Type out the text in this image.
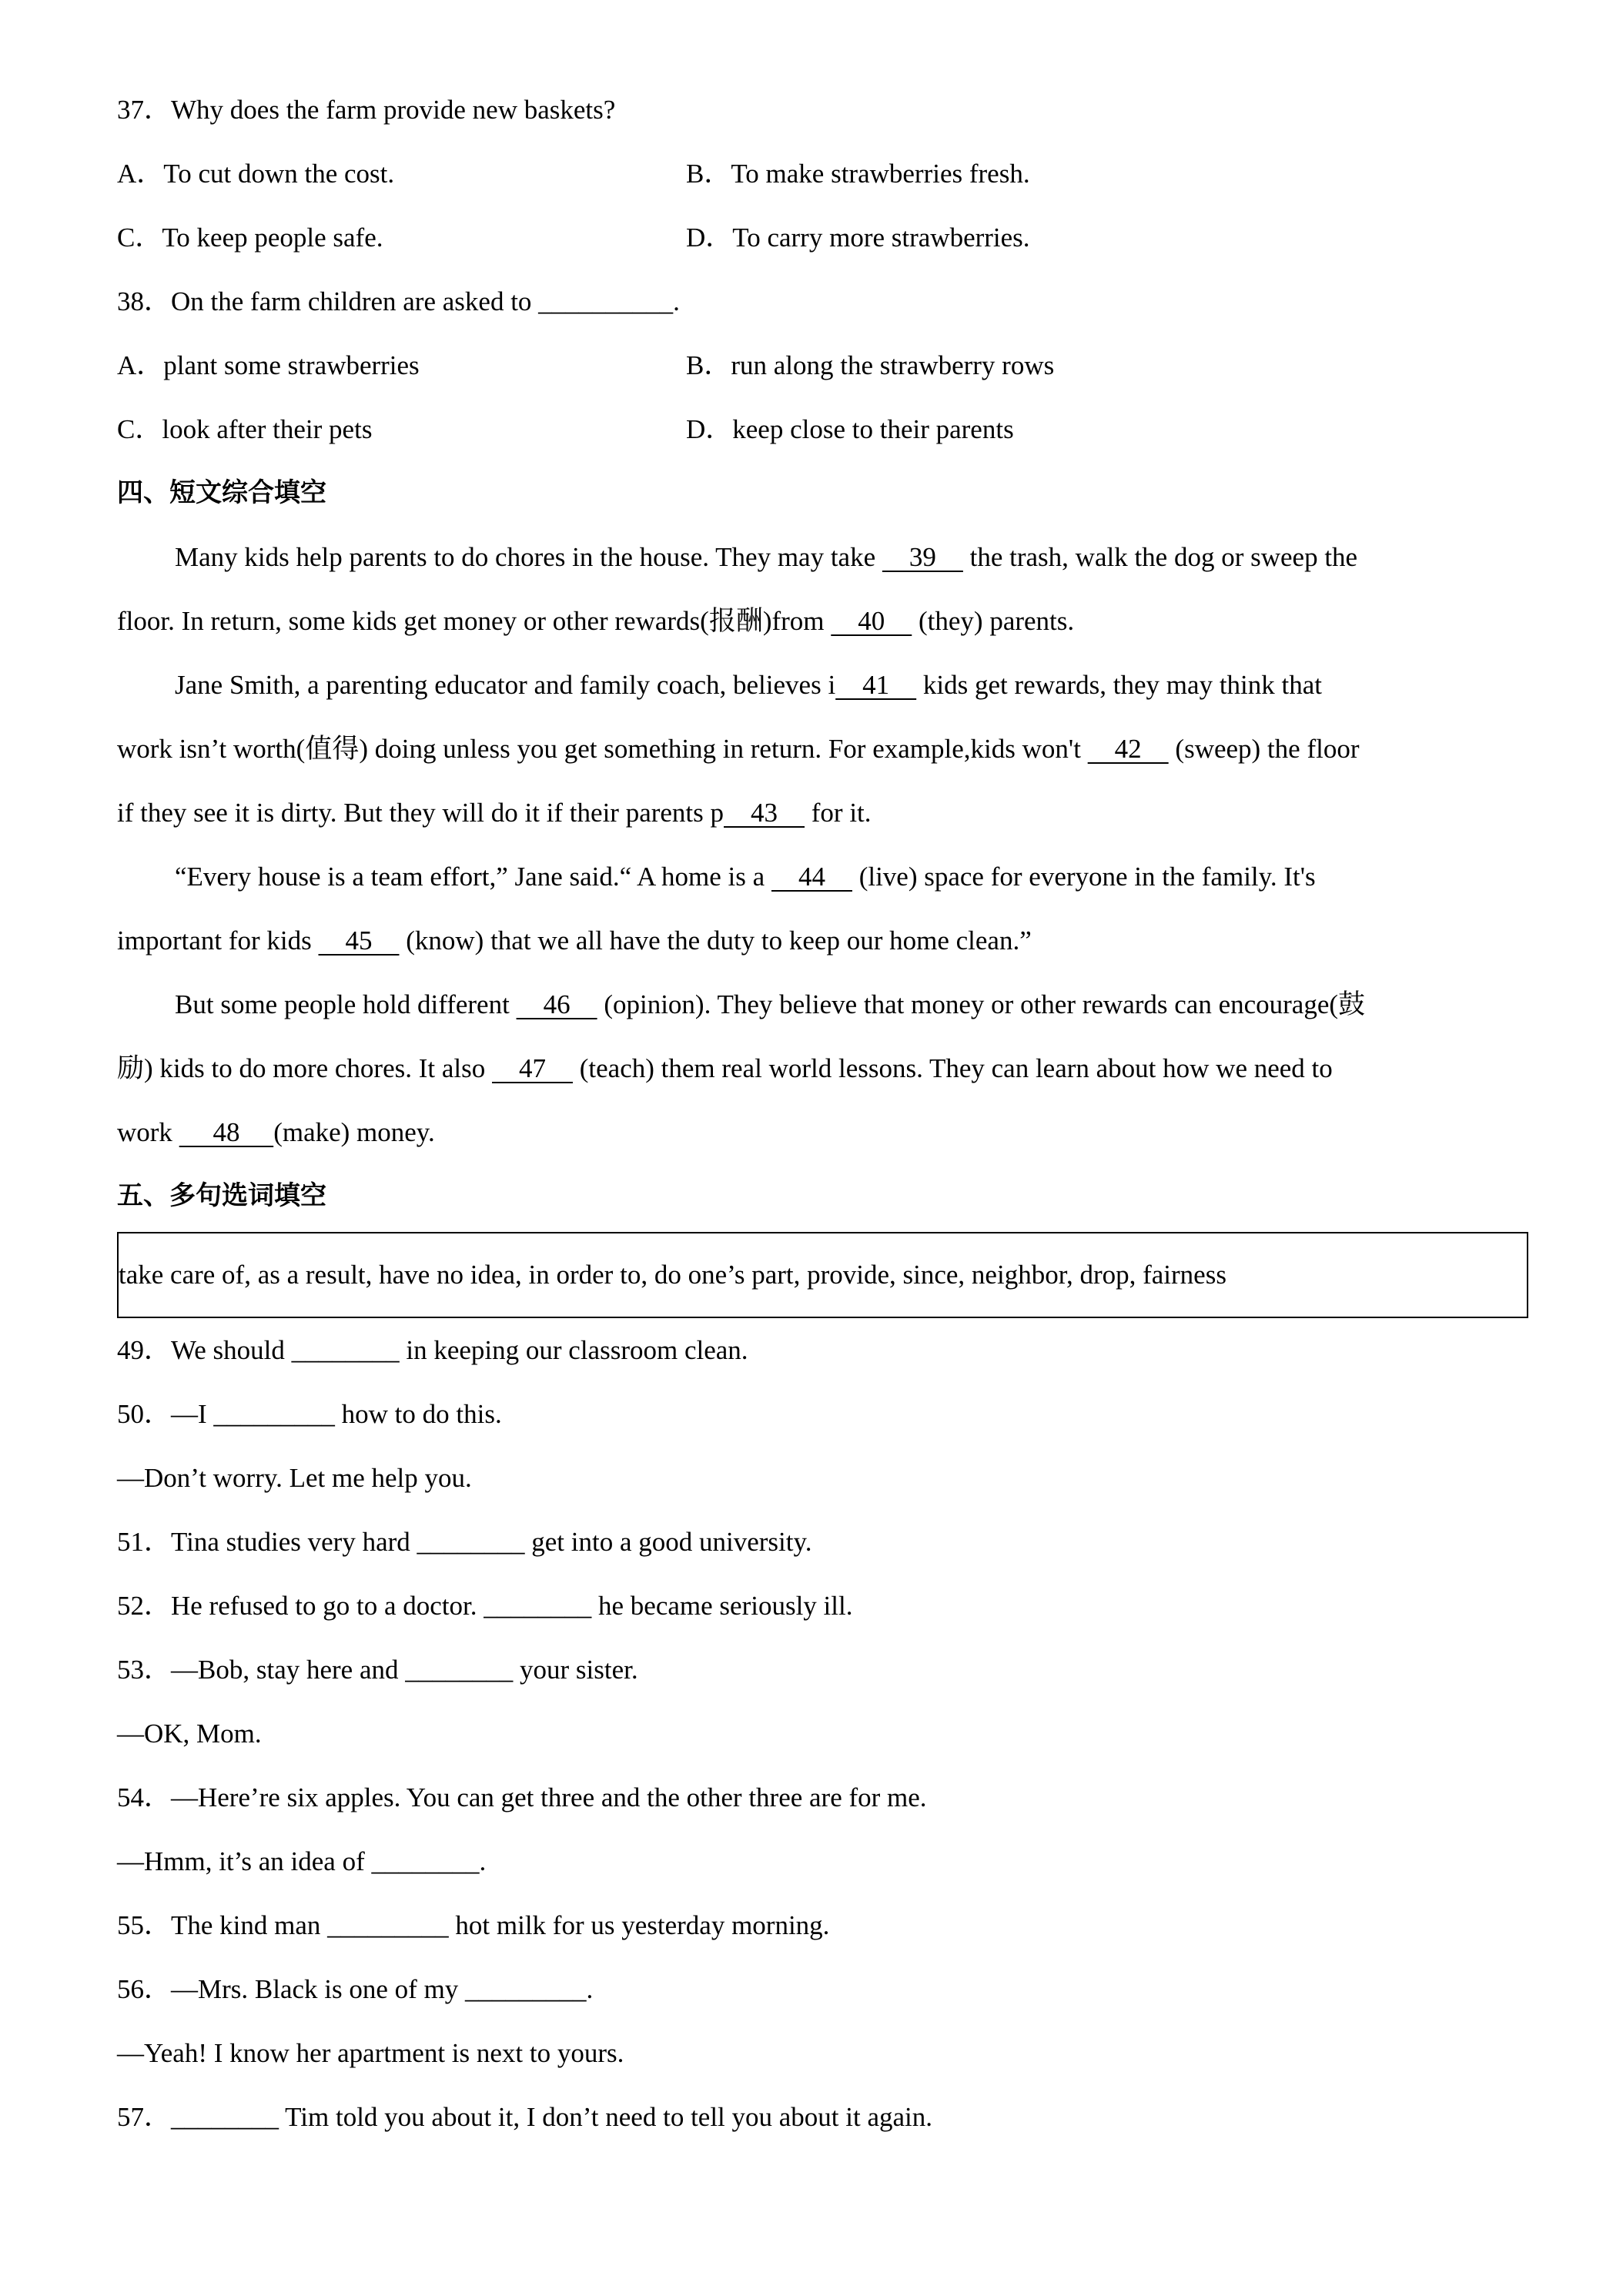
37．Why does the farm provide new baskets?
A．To cut down the cost.	B．To make strawberries fresh.
C．To keep people safe.	D．To carry more strawberries.
38．On the farm children are asked to __________.
A．plant some strawberries	B．run along the strawberry rows
C．look after their pets	D．keep close to their parents
四、短文综合填空
Many kids help parents to do chores in the house. They may take     39     the trash, walk the dog or sweep the
floor. In return, some kids get money or other rewards(报酬)from     40     (they) parents.
Jane Smith, a parenting educator and family coach, believes i    41     kids get rewards, they may think that
work isn’t worth(值得) doing unless you get something in return. For example,kids won't     42     (sweep) the floor
if they see it is dirty. But they will do it if their parents p    43     for it.
“Every house is a team effort,” Jane said.“ A home is a     44     (live) space for everyone in the family. It's
important for kids     45     (know) that we all have the duty to keep our home clean.”
But some people hold different     46     (opinion). They believe that money or other rewards can encourage(鼓
励) kids to do more chores. It also     47     (teach) them real world lessons. They can learn about how we need to
work      48     (make) money.
五、多句选词填空
take care of, as a result, have no idea, in order to, do one’s part, provide, since, neighbor, drop, fairness
49．We should ________ in keeping our classroom clean.
50．—I _________ how to do this.
—Don’t worry. Let me help you.
51．Tina studies very hard ________ get into a good university.
52．He refused to go to a doctor. ________ he became seriously ill.
53．—Bob, stay here and ________ your sister.
—OK, Mom.
54．—Here’re six apples. You can get three and the other three are for me.
—Hmm, it’s an idea of ________.
55．The kind man _________ hot milk for us yesterday morning.
56．—Mrs. Black is one of my _________.
—Yeah! I know her apartment is next to yours.
57．________ Tim told you about it, I don’t need to tell you about it again.
